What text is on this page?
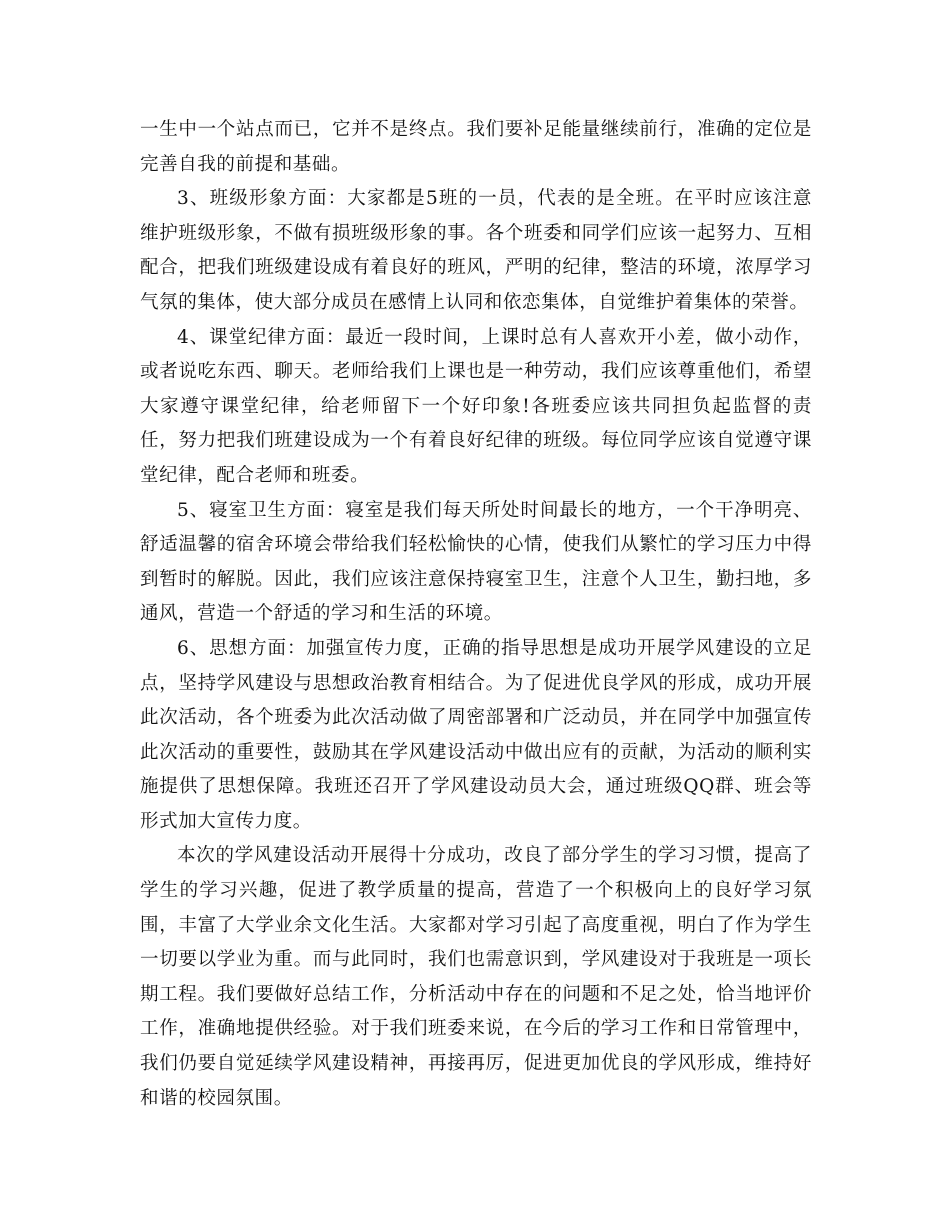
一生中一个站点而已，它并不是终点。我们要补足能量继续前行，准确的定位是完善自我的前提和基础。

3、班级形象方面：大家都是5班的一员，代表的是全班。在平时应该注意维护班级形象，不做有损班级形象的事。各个班委和同学们应该一起努力、互相配合，把我们班级建设成有着良好的班风，严明的纪律，整洁的环境，浓厚学习气氛的集体，使大部分成员在感情上认同和依恋集体，自觉维护着集体的荣誉。

4、课堂纪律方面：最近一段时间，上课时总有人喜欢开小差，做小动作，或者说吃东西、聊天。老师给我们上课也是一种劳动，我们应该尊重他们，希望大家遵守课堂纪律，给老师留下一个好印象!各班委应该共同担负起监督的责任，努力把我们班建设成为一个有着良好纪律的班级。每位同学应该自觉遵守课堂纪律，配合老师和班委。

5、寝室卫生方面：寝室是我们每天所处时间最长的地方，一个干净明亮、舒适温馨的宿舍环境会带给我们轻松愉快的心情，使我们从繁忙的学习压力中得到暂时的解脱。因此，我们应该注意保持寝室卫生，注意个人卫生，勤扫地，多通风，营造一个舒适的学习和生活的环境。

6、思想方面：加强宣传力度，正确的指导思想是成功开展学风建设的立足点，坚持学风建设与思想政治教育相结合。为了促进优良学风的形成，成功开展此次活动，各个班委为此次活动做了周密部署和广泛动员，并在同学中加强宣传此次活动的重要性，鼓励其在学风建设活动中做出应有的贡献，为活动的顺利实施提供了思想保障。我班还召开了学风建设动员大会，通过班级QQ群、班会等形式加大宣传力度。

本次的学风建设活动开展得十分成功，改良了部分学生的学习习惯，提高了学生的学习兴趣，促进了教学质量的提高，营造了一个积极向上的良好学习氛围，丰富了大学业余文化生活。大家都对学习引起了高度重视，明白了作为学生一切要以学业为重。而与此同时，我们也需意识到，学风建设对于我班是一项长期工程。我们要做好总结工作，分析活动中存在的问题和不足之处，恰当地评价工作，准确地提供经验。对于我们班委来说，在今后的学习工作和日常管理中，我们仍要自觉延续学风建设精神，再接再厉，促进更加优良的学风形成，维持好和谐的校园氛围。
